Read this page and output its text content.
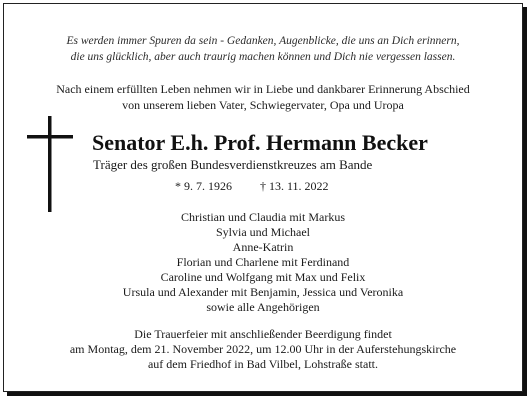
Es werden immer Spuren da sein - Gedanken, Augenblicke, die uns an Dich erinnern,
die uns glücklich, aber auch traurig machen können und Dich nie vergessen lassen.
Nach einem erfüllten Leben nehmen wir in Liebe und dankbarer Erinnerung Abschied
von unserem lieben Vater, Schwiegervater, Opa und Uropa
Senator E.h. Prof. Hermann Becker
Träger des großen Bundesverdienstkreuzes am Bande
* 9. 7. 1926 † 13. 11. 2022
Christian und Claudia mit Markus
Sylvia und Michael
Anne-Katrin
Florian und Charlene mit Ferdinand
Caroline und Wolfgang mit Max und Felix
Ursula und Alexander mit Benjamin, Jessica und Veronika
sowie alle Angehörigen
Die Trauerfeier mit anschließender Beerdigung findet
am Montag, dem 21. November 2022, um 12.00 Uhr in der Auferstehungskirche
auf dem Friedhof in Bad Vilbel, Lohstraße statt.
